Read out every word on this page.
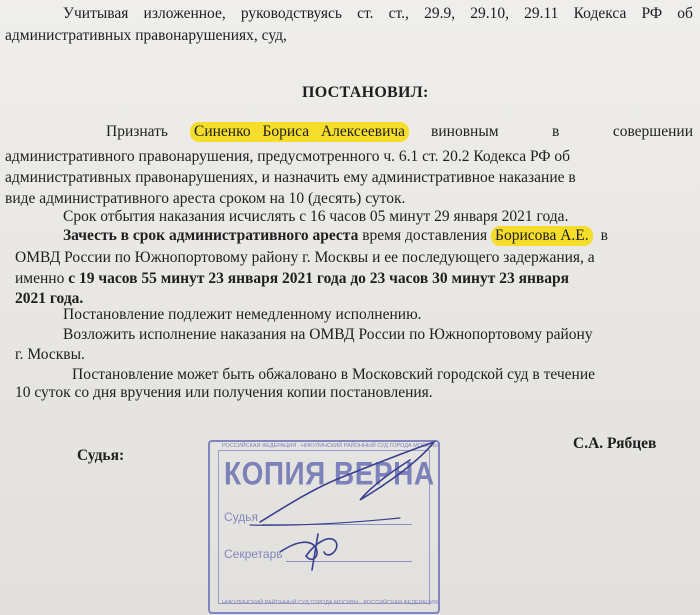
Учитывая изложенное, руководствуясь ст. ст., 29.9, 29.10, 29.11 Кодекса РФ об
административных правонарушениях, суд,
ПОСТАНОВИЛ:
Признать Синенко Бориса Алексеевича виновным	в	совершении
административного правонарушения, предусмотренного ч. 6.1 ст. 20.2 Кодекса РФ об
административных правонарушениях, и назначить ему административное наказание в
виде административного ареста сроком на 10 (десять) суток.
Срок отбытия наказания исчислять с 16 часов 05 минут 29 января 2021 года.
Зачесть в срок административного ареста время доставления Борисова А.Е. в
ОМВД России по Южнопортовому району г. Москвы и ее последующего задержания, а
именно с 19 часов 55 минут 23 января 2021 года до 23 часов 30 минут 23 января
2021 года.
Постановление подлежит немедленному исполнению.
Возложить исполнение наказания на ОМВД России по Южнопортовому району
г. Москвы.
Постановление может быть обжаловано в Московский городской суд в течение
10 суток со дня вручения или получения копии постановления.
Судья:
С.А. Рябцев
РОССИЙСКАЯ ФЕДЕРАЦИЯ · НИКУЛИНСКИЙ РАЙОННЫЙ СУД ГОРОДА МОСКВЫ
НИКУЛИНСКИЙ РАЙОННЫЙ СУД ГОРОДА МОСКВЫ · РОССИЙСКАЯ ФЕДЕРАЦИЯ
КОПИЯ ВЕРНА
Судья
Секретарь
